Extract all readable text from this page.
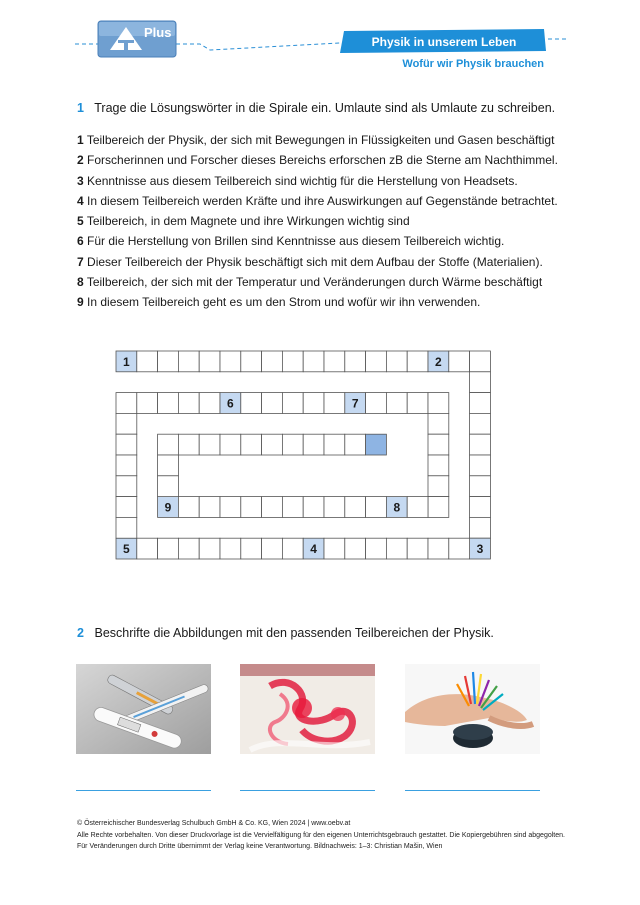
Plus
Physik in unserem Leben
Wofür wir Physik brauchen
1 Trage die Lösungswörter in die Spirale ein. Umlaute sind als Umlaute zu schreiben.
1 Teilbereich der Physik, der sich mit Bewegungen in Flüssigkeiten und Gasen beschäftigt
2 Forscherinnen und Forscher dieses Bereichs erforschen zB die Sterne am Nachthimmel.
3 Kenntnisse aus diesem Teilbereich sind wichtig für die Herstellung von Headsets.
4 In diesem Teilbereich werden Kräfte und ihre Auswirkungen auf Gegenstände betrachtet.
5 Teilbereich, in dem Magnete und ihre Wirkungen wichtig sind
6 Für die Herstellung von Brillen sind Kenntnisse aus diesem Teilbereich wichtig.
7 Dieser Teilbereich der Physik beschäftigt sich mit dem Aufbau der Stoffe (Materialien).
8 Teilbereich, der sich mit der Temperatur und Veränderungen durch Wärme beschäftigt
9 In diesem Teilbereich geht es um den Strom und wofür wir ihn verwenden.
1	2
3
5	4
6	7
9	8
2 Beschrifte die Abbildungen mit den passenden Teilbereichen der Physik.
© Österreichischer Bundesverlag Schulbuch GmbH & Co. KG, Wien 2024 | www.oebv.at
Alle Rechte vorbehalten. Von dieser Druckvorlage ist die Vervielfältigung für den eigenen Unterrichtsgebrauch gestattet. Die Kopiergebühren sind abgegolten.
Für Veränderungen durch Dritte übernimmt der Verlag keine Verantwortung. Bildnachweis: 1–3: Christian Mašin, Wien
